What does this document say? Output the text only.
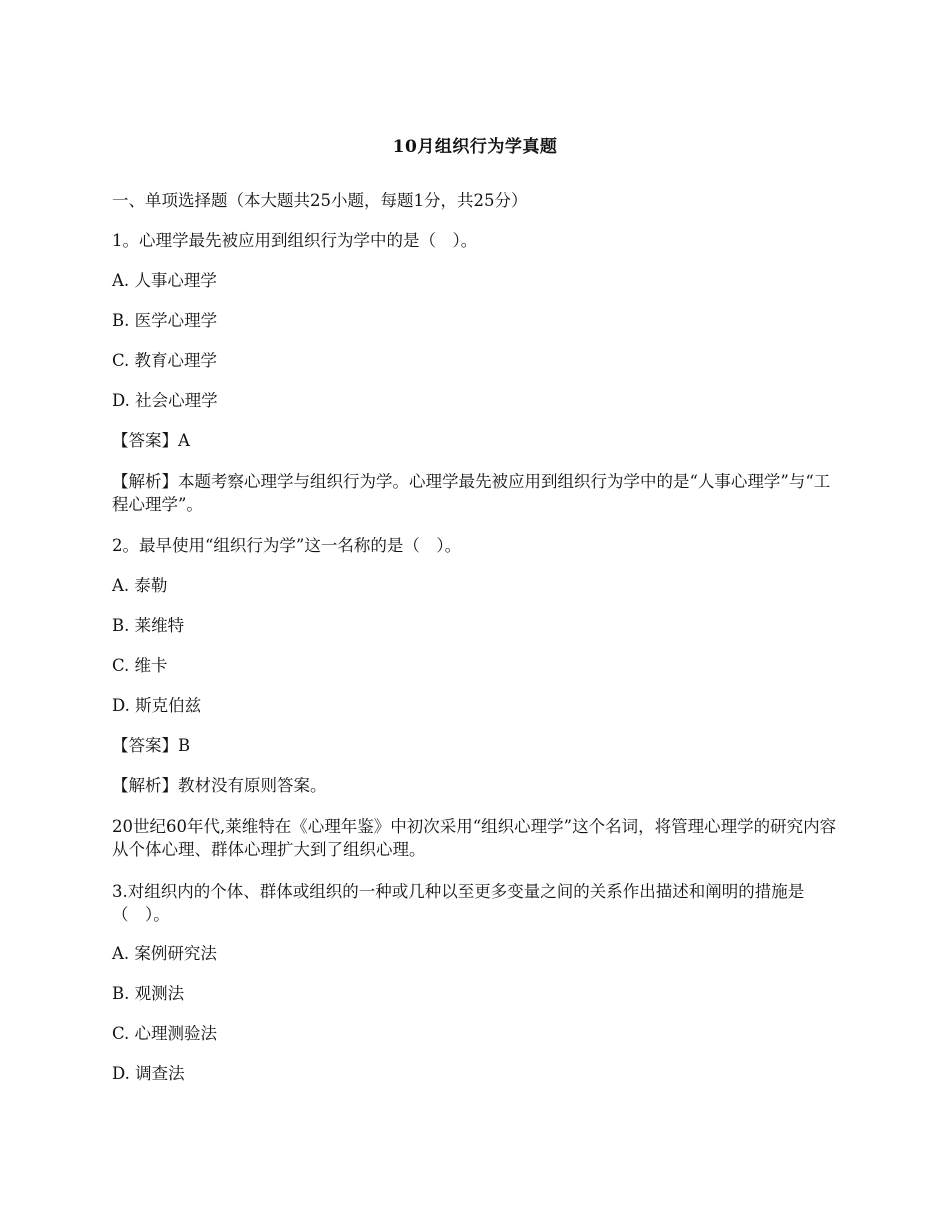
10月组织行为学真题
一、单项选择题（本大题共25小题，每题1分，共25分）
1。心理学最先被应用到组织行为学中的是（　）。
A. 人事心理学
B. 医学心理学
C. 教育心理学
D. 社会心理学
【答案】A
【解析】本题考察心理学与组织行为学。心理学最先被应用到组织行为学中的是“人事心理学”与“工程心理学”。
2。最早使用“组织行为学”这一名称的是（　）。
A. 泰勒
B. 莱维特
C. 维卡
D. 斯克伯兹
【答案】B
【解析】教材没有原则答案。
20世纪60年代,莱维特在《心理年鉴》中初次采用“组织心理学”这个名词，将管理心理学的研究内容从个体心理、群体心理扩大到了组织心理。
3.对组织内的个体、群体或组织的一种或几种以至更多变量之间的关系作出描述和阐明的措施是（　）。
A. 案例研究法
B. 观测法
C. 心理测验法
D. 调查法
